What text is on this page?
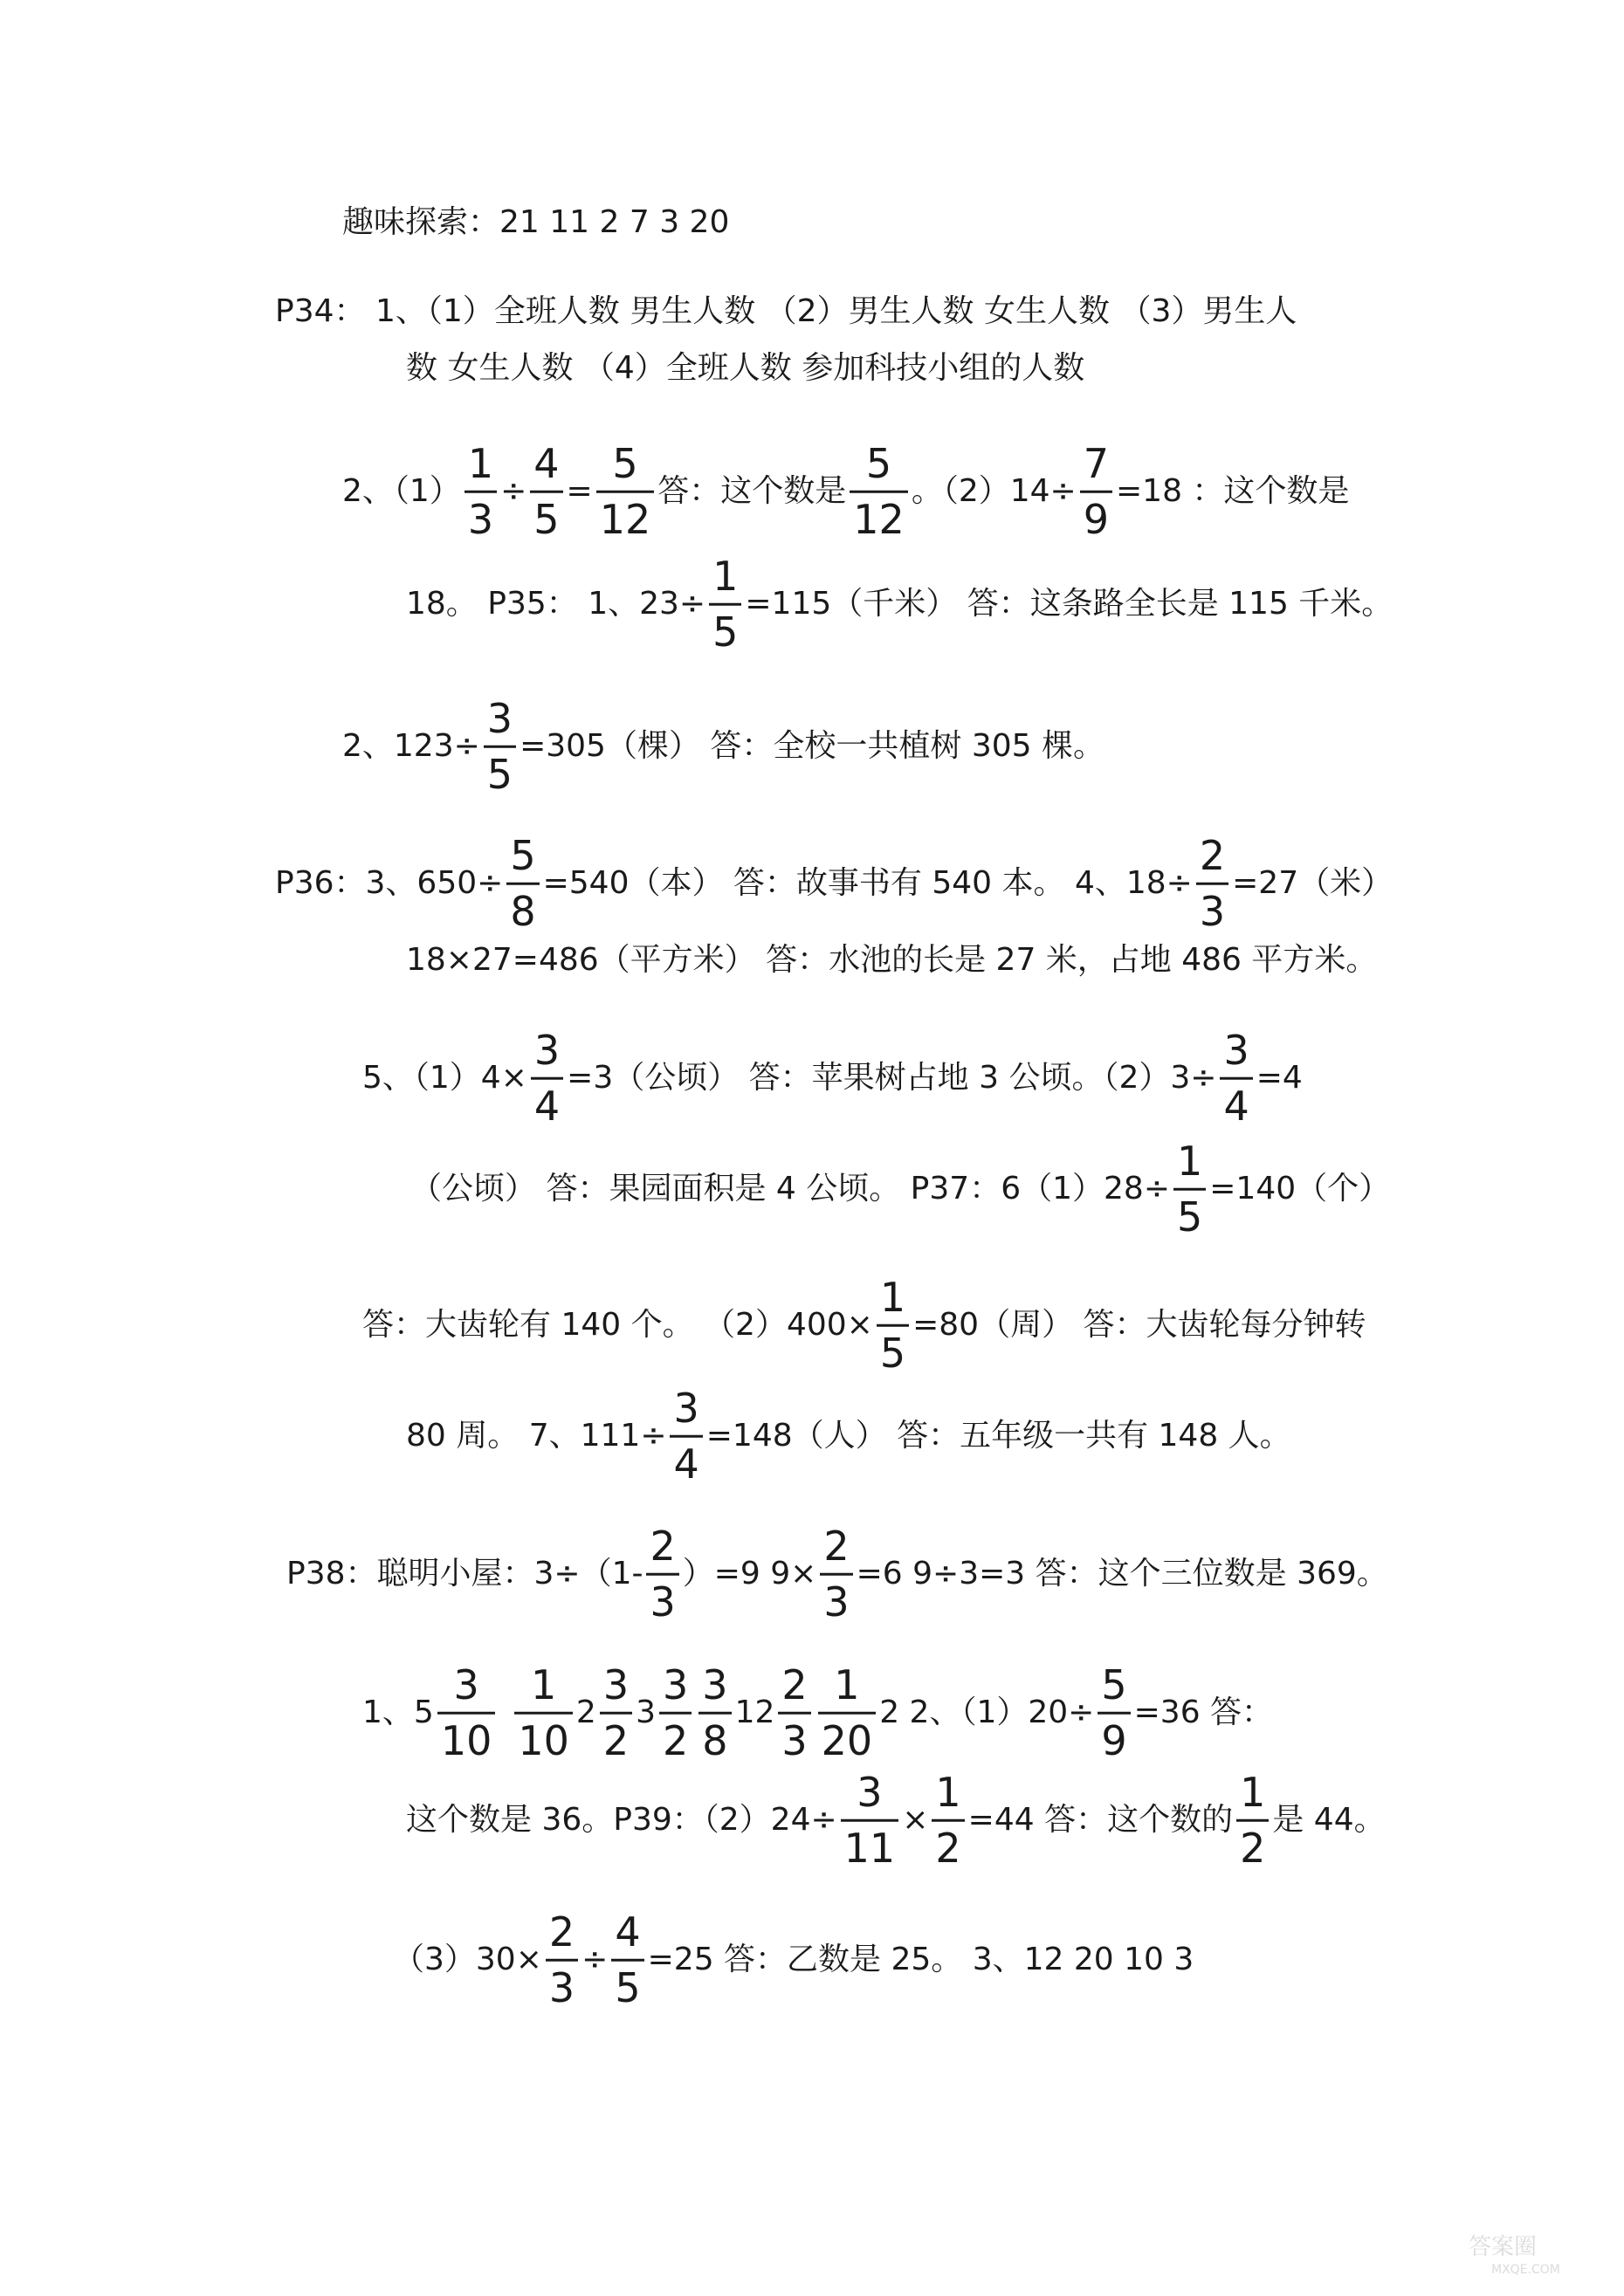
趣味探索：21 11 2 7 3 20
P34： 1、（1）全班人数 男生人数 （2）男生人数 女生人数 （3）男生人
数 女生人数 （4）全班人数 参加科技小组的人数
2、$(1) \frac{1}{3} \div \frac{4}{5} = \frac{5}{12}$ 答：这个数是 $\frac{5}{12}$ 。$(2)14\div \frac{7}{9} =18$ ：这个数是
18。 P35： 1、$23\div \frac{1}{5} =115$（千米） 答：这条路全长是 115 千米。
2、$123\div \frac{3}{5} =305$（棵） 答：全校一共植树 305 棵。
P36：3、$650\div \frac{5}{8} =540$（本） 答：故事书有 540 本。 4、$18\div \frac{2}{3} =27$（米）
18×27=486（平方米） 答：水池的长是 27 米，占地 486 平方米。
5、$(1)4\times \frac{3}{4} =3$（公顷） 答：苹果树占地 3 公顷。$(2)3\div \frac{3}{4} =4$
（公顷） 答：果园面积是 4 公顷。 P37：$6(1)28\div \frac{1}{5} =140$（个）
答：大齿轮有 140 个。 $(2)400\times \frac{1}{5} =80$（周） 答：大齿轮每分钟转
80 周。 7、$111\div \frac{3}{4} =148$（人） 答：五年级一共有 148 人。
P38：聪明小屋：$3\div(1- \frac{2}{3} )=9$ $9\times \frac{2}{3} =6$ 9÷3=3 答：这个三位数是 369。
1、$5 \frac{3}{10} \frac{1}{10} 2 \frac{3}{2} 3 \frac{3}{2} \frac{3}{8} 12 \frac{2}{3} \frac{1}{20} 2$ 2、$(1)20\div \frac{5}{9} =36$ 答：
这个数是 36。P39：$(2)24\div \frac{3}{11} \times \frac{1}{2} =44$ 答：这个数的 $\frac{1}{2}$ 是 44。
$(3)30\times \frac{2}{3} \div \frac{4}{5} =25$ 答：乙数是 25。 3、12 20 10 3
答案圈
MXQE.COM
